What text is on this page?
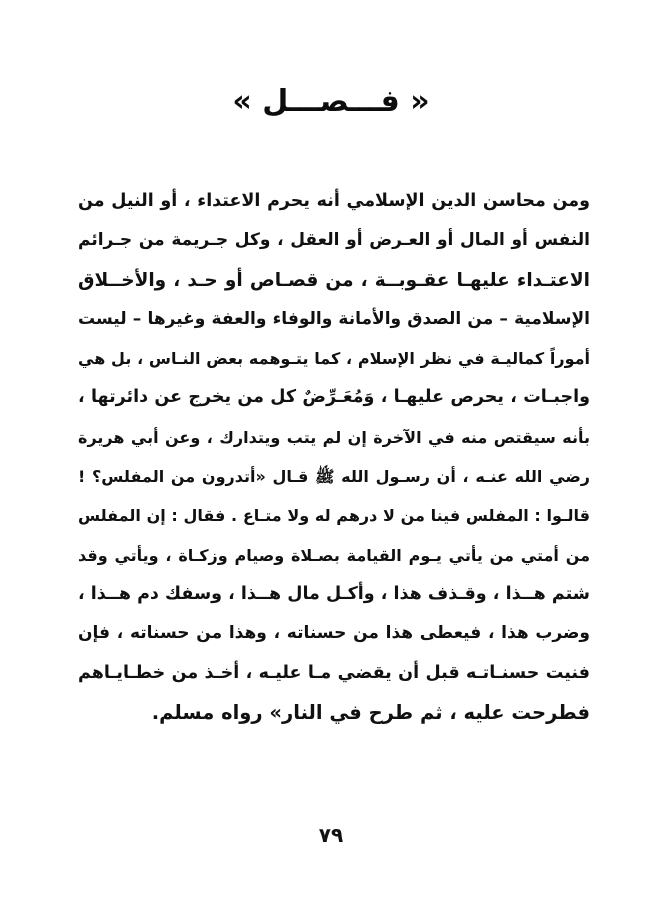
« فـــصـــل »
ومن محاسن الدين الإسلامي أنه يحرم الاعتداء ، أو النيل من
النفس أو المال أو العـرض أو العقل ، وكل جـريمة من جـرائم
الاعتـداء عليهـا عقـوبــة ، من قصـاص أو حـد ، والأخــلاق
الإسلامية – من الصدق والأمانة والوفاء والعفة وغيرها – ليست
أموراً كماليـة في نظر الإسلام ، كما يتـوهمه بعض النـاس ، بل هي
واجبـات ، يحرص عليهـا ، وَمُعَـرِّضٌ كل من يخرج عن دائرتها ،
بأنه سيقتص منه في الآخرة إن لم يتب ويتدارك ، وعن أبي هريرة
رضي الله عنـه ، أن رسـول الله ﷺ قـال «أتدرون من المفلس؟ !
قالـوا : المفلس فينا من لا درهم له ولا متـاع . فقال : إن المفلس
من أمتي من يأتي يـوم القيامة بصـلاة وصيام وزكـاة ، ويأتي وقد
شتم هــذا ، وقـذف هذا ، وأكـل مال هــذا ، وسفك دم هــذا ،
وضرب هذا ، فيعطى هذا من حسناته ، وهذا من حسناته ، فإن
فنيت حسنـاتـه قبل أن يقضي مـا عليـه ، أخـذ من خطـايـاهم
فطرحت عليه ، ثم طرح في النار» رواه مسلم.
٧٩
